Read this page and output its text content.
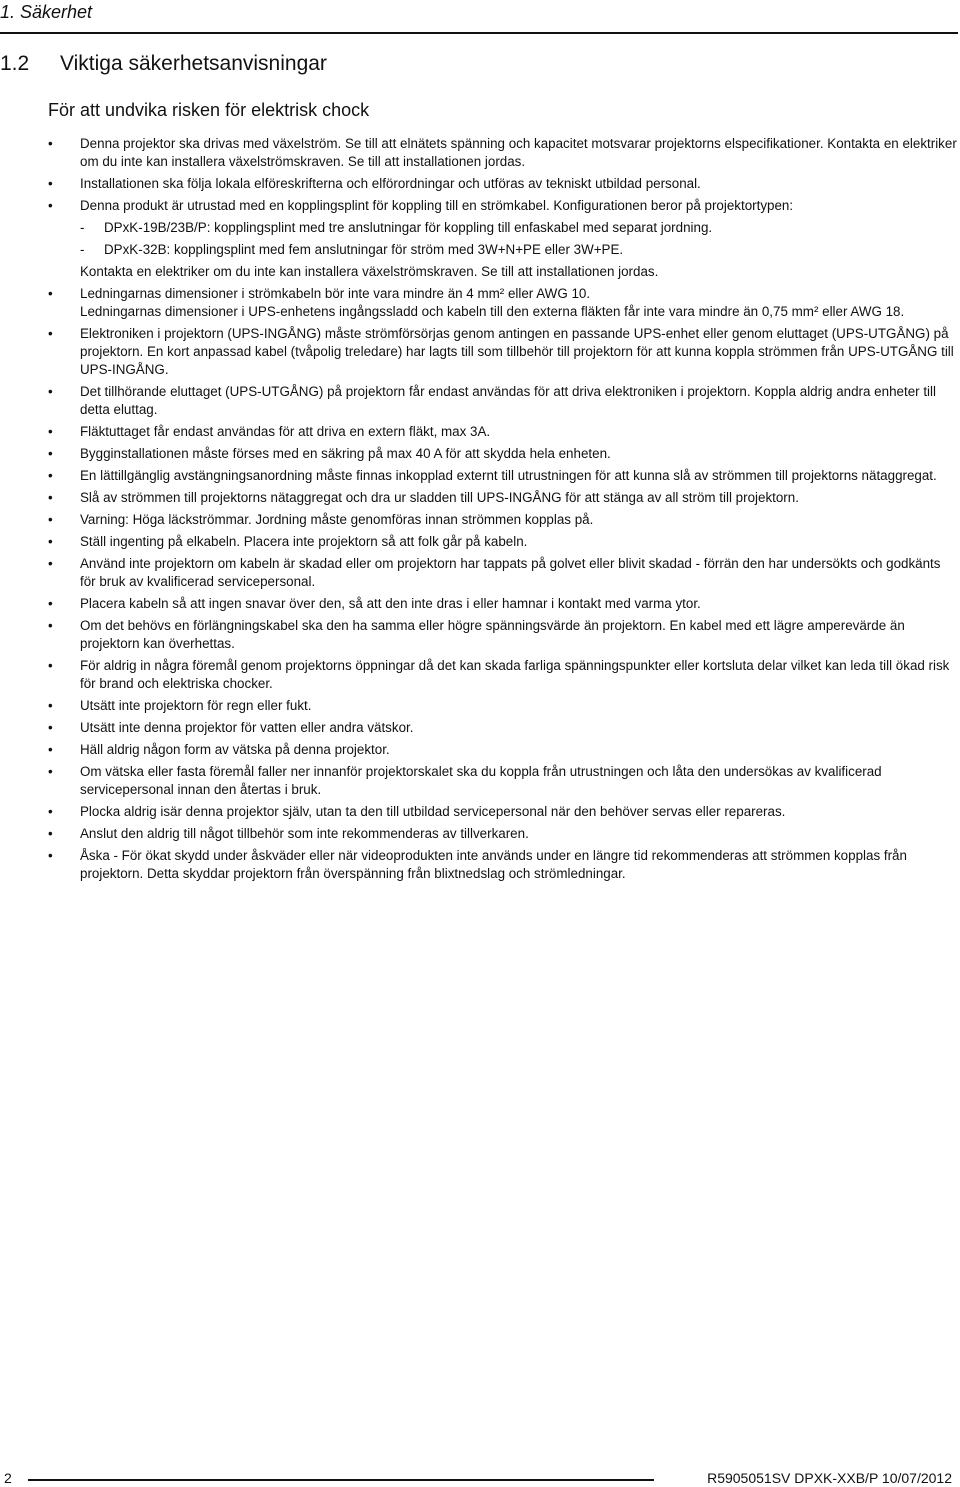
1. Säkerhet
1.2 Viktiga säkerhetsanvisningar
För att undvika risken för elektrisk chock
• Denna projektor ska drivas med växelström. Se till att elnätets spänning och kapacitet motsvarar projektorns elspecifikationer. Kontakta en elektriker om du inte kan installera växelströmskraven. Se till att installationen jordas.

• Installationen ska följa lokala elföreskrifterna och elförordningar och utföras av tekniskt utbildad personal.

• Denna produkt är utrustad med en kopplingsplint för koppling till en strömkabel. Konfigurationen beror på projektortypen:

- DPxK-19B/23B/P: kopplingsplint med tre anslutningar för koppling till enfaskabel med separat jordning.
- DPxK-32B: kopplingsplint med fem anslutningar för ström med 3W+N+PE eller 3W+PE.

Kontakta en elektriker om du inte kan installera växelströmskraven. Se till att installationen jordas.

• Ledningarnas dimensioner i strömkabeln bör inte vara mindre än 4 mm² eller AWG 10.

Ledningarnas dimensioner i UPS-enhetens ingångssladd och kabeln till den externa fläkten får inte vara mindre än 0,75 mm² eller AWG 18.

• Elektroniken i projektorn (UPS-INGÅNG) måste strömförsörjas genom antingen en passande UPS-enhet eller genom eluttaget (UPS-UTGÅNG) på projektorn. En kort anpassad kabel (tvåpolig treledare) har lagts till som tillbehör till projektorn för att kunna koppla strömmen från UPS-UTGÅNG till UPS-INGÅNG.

• Det tillhörande eluttaget (UPS-UTGÅNG) på projektorn får endast användas för att driva elektroniken i projektorn. Koppla aldrig andra enheter till detta eluttag.

• Fläktuttaget får endast användas för att driva en extern fläkt, max 3A.

• Bygginstallationen måste förses med en säkring på max 40 A för att skydda hela enheten.

• En lättillgänglig avstängningsanordning måste finnas inkopplad externt till utrustningen för att kunna slå av strömmen till projektorns nätaggregat.

• Slå av strömmen till projektorns nätaggregat och dra ur sladden till UPS-INGÅNG för att stänga av all ström till projektorn.

• Varning: Höga läckströmmar. Jordning måste genomföras innan strömmen kopplas på.

• Ställ ingenting på elkabeln. Placera inte projektorn så att folk går på kabeln.

• Använd inte projektorn om kabeln är skadad eller om projektorn har tappats på golvet eller blivit skadad - förrän den har undersökts och godkänts för bruk av kvalificerad servicepersonal.

• Placera kabeln så att ingen snavar över den, så att den inte dras i eller hamnar i kontakt med varma ytor.

• Om det behövs en förlängningskabel ska den ha samma eller högre spänningsvärde än projektorn. En kabel med ett lägre amperevärde än projektorn kan överhettas.

• För aldrig in några föremål genom projektorns öppningar då det kan skada farliga spänningspunkter eller kortsluta delar vilket kan leda till ökad risk för brand och elektriska chocker.

• Utsätt inte projektorn för regn eller fukt.

• Utsätt inte denna projektor för vatten eller andra vätskor.

• Häll aldrig någon form av vätska på denna projektor.

• Om vätska eller fasta föremål faller ner innanför projektorskalet ska du koppla från utrustningen och låta den undersökas av kvalificerad servicepersonal innan den återtas i bruk.

• Plocka aldrig isär denna projektor själv, utan ta den till utbildad servicepersonal när den behöver servas eller repareras.

• Anslut den aldrig till något tillbehör som inte rekommenderas av tillverkaren.

• Åska - För ökat skydd under åskväder eller när videoprodukten inte används under en längre tid rekommenderas att strömmen kopplas från projektorn. Detta skyddar projektorn från överspänning från blixtnedslag och strömledningar.

2	R5905051SV DPXK-XXB/P 10/07/2012
